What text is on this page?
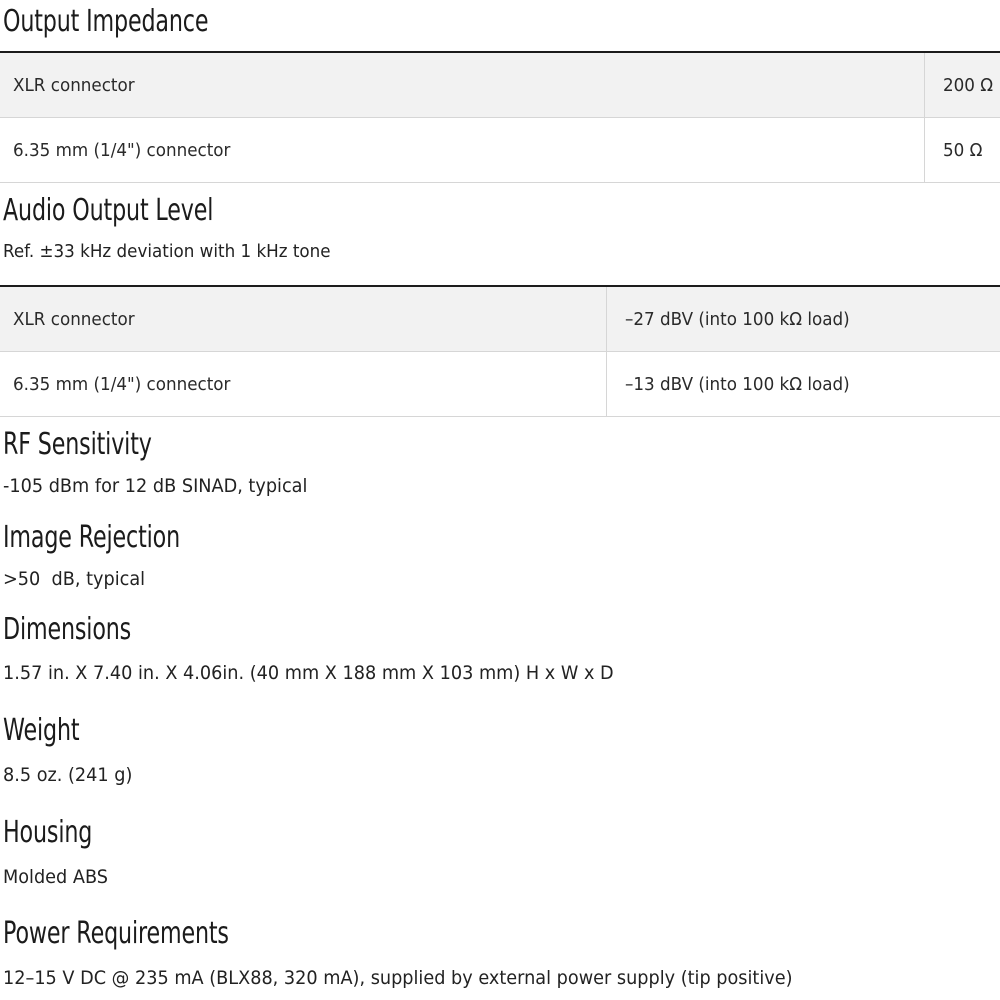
Output Impedance
XLR connector	200 Ω
6.35 mm (1/4") connector	50 Ω
Audio Output Level

Ref. ±33 kHz deviation with 1 kHz tone

XLR connector	–27 dBV (into 100 kΩ load)
6.35 mm (1/4") connector	–13 dBV (into 100 kΩ load)
RF Sensitivity

-105 dBm for 12 dB SINAD, typical

Image Rejection

>50  dB, typical

Dimensions

1.57 in. X 7.40 in. X 4.06in. (40 mm X 188 mm X 103 mm) H x W x D

Weight

8.5 oz. (241 g)

Housing

Molded ABS

Power Requirements

12–15 V DC @ 235 mA (BLX88, 320 mA), supplied by external power supply (tip positive)
